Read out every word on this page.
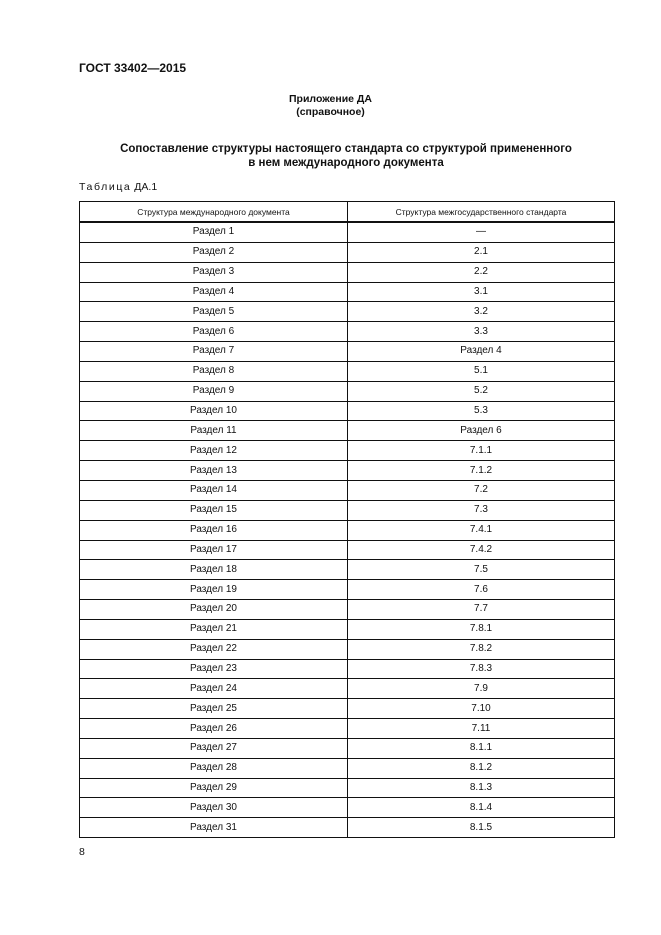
ГОСТ 33402—2015
Приложение ДА
(справочное)
Сопоставление структуры настоящего стандарта со структурой примененного
в нем международного документа
Таблица ДА.1
Структура международного документа	Структура межгосударственного стандарта
Раздел 1	—
Раздел 2	2.1
Раздел 3	2.2
Раздел 4	3.1
Раздел 5	3.2
Раздел 6	3.3
Раздел 7	Раздел 4
Раздел 8	5.1
Раздел 9	5.2
Раздел 10	5.3
Раздел 11	Раздел 6
Раздел 12	7.1.1
Раздел 13	7.1.2
Раздел 14	7.2
Раздел 15	7.3
Раздел 16	7.4.1
Раздел 17	7.4.2
Раздел 18	7.5
Раздел 19	7.6
Раздел 20	7.7
Раздел 21	7.8.1
Раздел 22	7.8.2
Раздел 23	7.8.3
Раздел 24	7.9
Раздел 25	7.10
Раздел 26	7.11
Раздел 27	8.1.1
Раздел 28	8.1.2
Раздел 29	8.1.3
Раздел 30	8.1.4
Раздел 31	8.1.5
8
